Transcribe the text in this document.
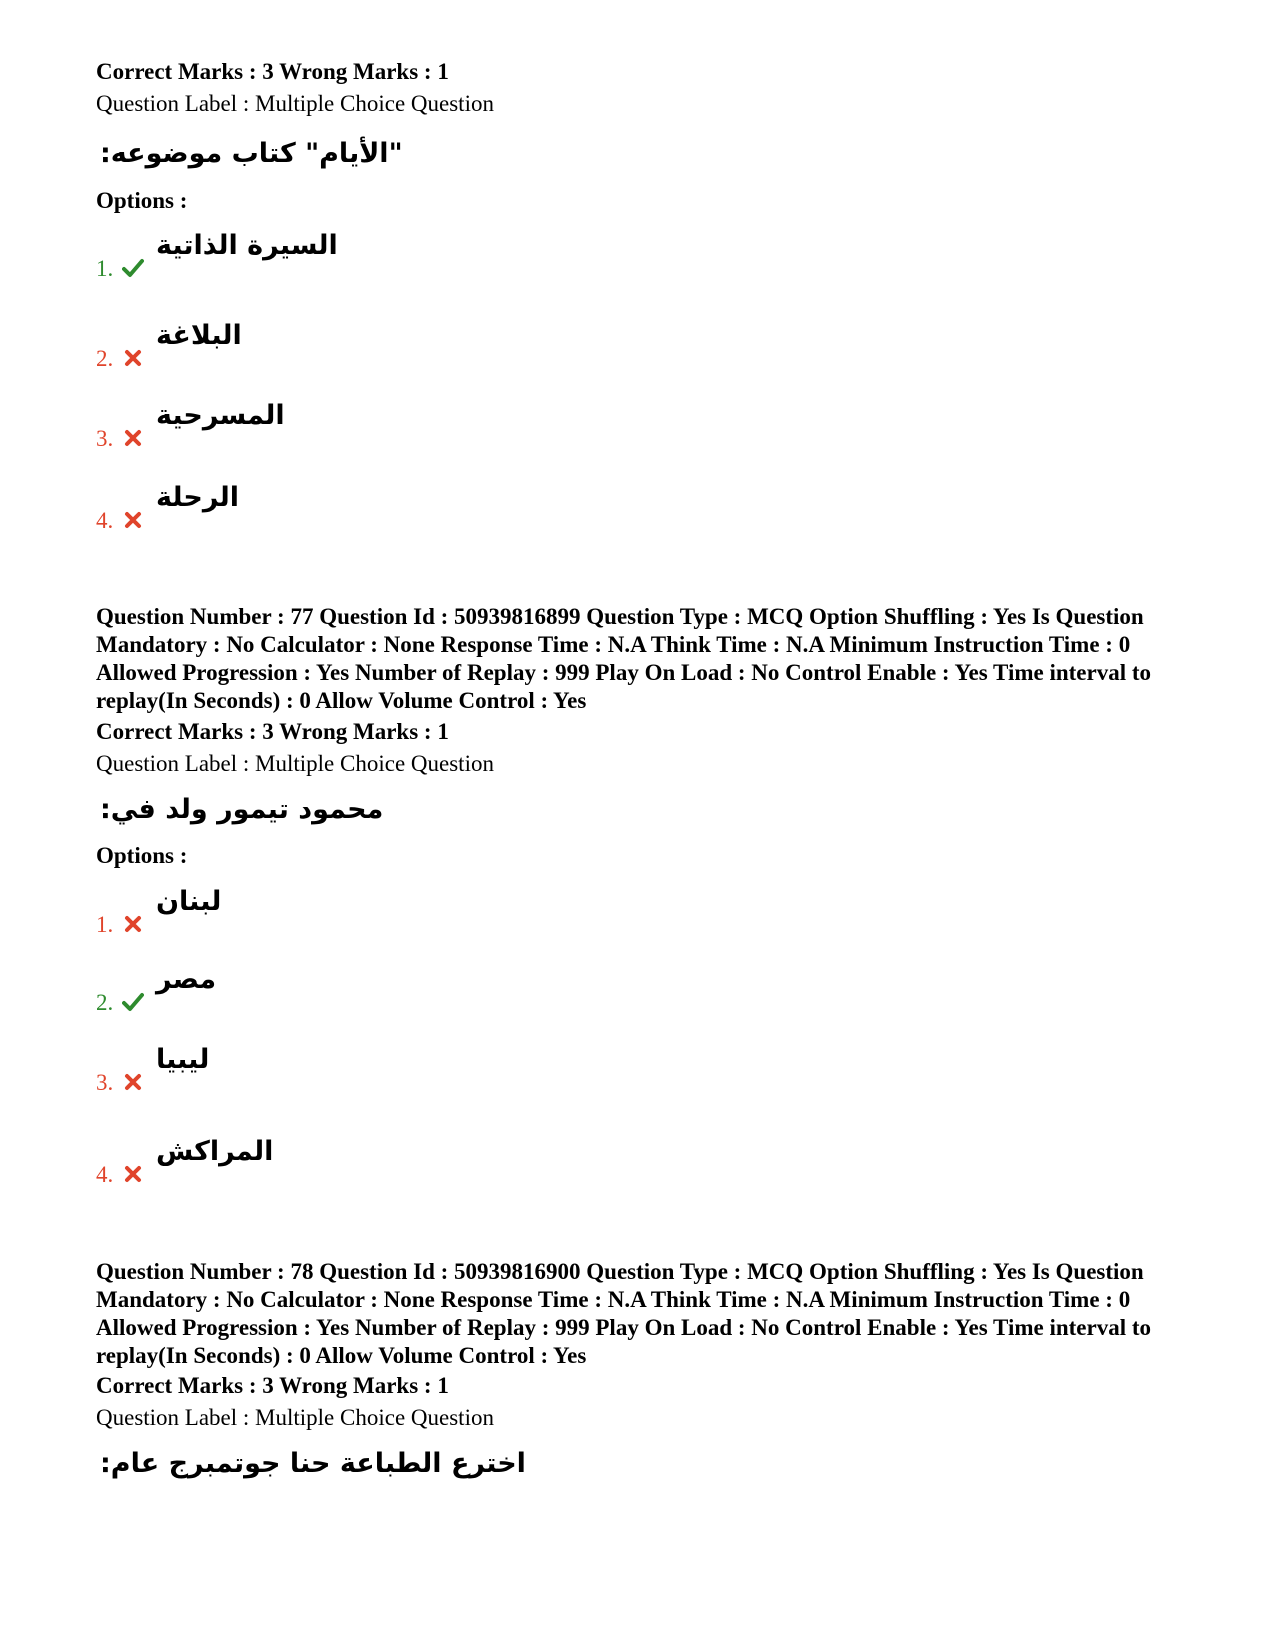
Correct Marks : 3 Wrong Marks : 1
Question Label : Multiple Choice Question
"الأيام" كتاب موضوعه:
Options :
1.
السيرة الذاتية
2.
البلاغة
3.
المسرحية
4.
الرحلة
Question Number : 77 Question Id : 50939816899 Question Type : MCQ Option Shuffling : Yes Is Question Mandatory : No Calculator : None Response Time : N.A Think Time : N.A Minimum Instruction Time : 0 Allowed Progression : Yes Number of Replay : 999 Play On Load : No Control Enable : Yes Time interval to replay(In Seconds) : 0 Allow Volume Control : Yes
Correct Marks : 3 Wrong Marks : 1
Question Label : Multiple Choice Question
محمود تيمور ولد في:
Options :
1.
لبنان
2.
مصر
3.
ليبيا
4.
المراكش
Question Number : 78 Question Id : 50939816900 Question Type : MCQ Option Shuffling : Yes Is Question Mandatory : No Calculator : None Response Time : N.A Think Time : N.A Minimum Instruction Time : 0 Allowed Progression : Yes Number of Replay : 999 Play On Load : No Control Enable : Yes Time interval to replay(In Seconds) : 0 Allow Volume Control : Yes
Correct Marks : 3 Wrong Marks : 1
Question Label : Multiple Choice Question
اخترع الطباعة حنا جوتمبرج عام:
